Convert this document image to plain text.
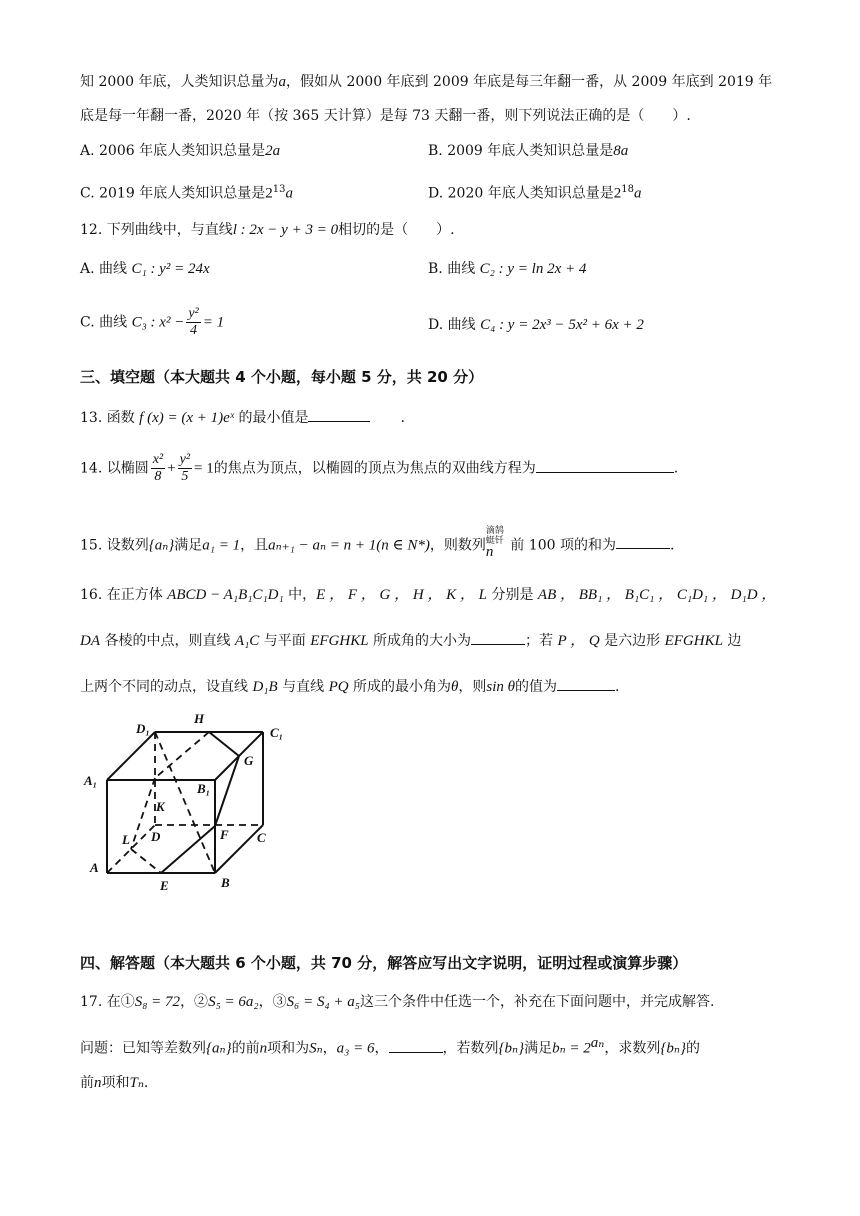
知 2000 年底，人类知识总量为a，假如从 2000 年底到 2009 年底是每三年翻一番，从 2009 年底到 2019 年
底是每一年翻一番，2020 年（按 365 天计算）是每 73 天翻一番，则下列说法正确的是（　　）.
A. 2006 年底人类知识总量是2a	B. 2009 年底人类知识总量是8a
C. 2019 年底人类知识总量是$2^{13}a$	D. 2020 年底人类知识总量是$2^{18}a$
12. 下列曲线中，与直线l : 2x − y + 3 = 0相切的是（　　）.
A. 曲线 C₁ : y² = 24x	B. 曲线 C₂ : y = ln 2x + 4
C. 曲线 C₃ : $x^2 - \frac{\text{y²}}{4} = 1$	D. 曲线 C₄ : y = 2x³ − 5x² + 6x + 2
三、填空题（本大题共 4 个小题，每小题 5 分，共 20 分）
13. 函数 f (x) = (x + 1)eˣ 的最小值是	.
14. 以椭圆 $\frac{\text{x²}}{8} + \frac{\text{y²}}{5} = 1$的焦点为顶点，以椭圆的顶点为焦点的双曲线方程为	.
15. 设数列{aₙ}满足a₁ = 1，且aₙ₊₁ − aₙ = n + 1(n ∈ N*)，则数列滴鹄蜓钎$_n$ 前 100 项的和为	.
16. 在正方体 ABCD − A₁B₁C₁D₁ 中，E ， F ， G ， H ， K ， L 分别是 AB ， BB₁ ， B₁C₁ ， C₁D₁ ， D₁D ，
DA 各棱的中点，则直线 A₁C 与平面 EFGHKL 所成角的大小为	；若 P ， Q 是六边形 EFGHKL 边
上两个不同的动点，设直线 D₁B 与直线 PQ 所成的最小角为θ，则sin θ的值为	.
D₁
H
C₁
A₁
G
B₁
K
D	F C
L
A
E	B
四、解答题（本大题共 6 个小题，共 70 分，解答应写出文字说明，证明过程或演算步骤）
17. 在①S₈ = 72，②S₅ = 6a₂，③S₆ = S₄ + a₅这三个条件中任选一个，补充在下面问题中，并完成解答.
问题：已知等差数列{aₙ}的前n项和为Sₙ，a₃ = 6，	，若数列{bₙ}满足$b_n = 2^{a_n}$，求数列{bₙ}的
前n项和Tₙ.
